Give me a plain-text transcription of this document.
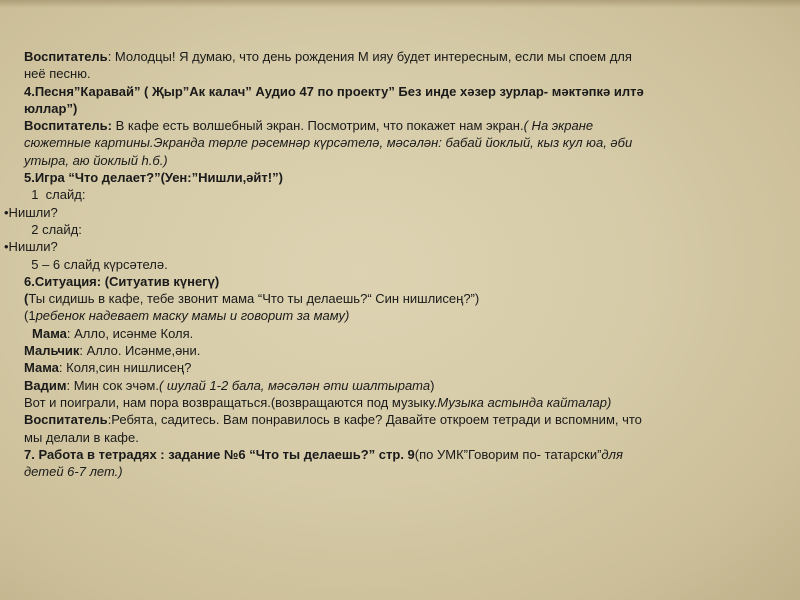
Воспитатель: Молодцы! Я думаю, что день рождения М ияу будет интересным, если мы споем для
неё песню.
4.Песня”Каравай” ( Җыр”Ак калач” Аудио 47 по проекту” Без инде хәзер зурлар- мәктәпкә илтә
юллар”)
Воспитатель: В кафе есть волшебный экран. Посмотрим, что покажет нам экран.( На экране
сюжетные картины.Экранда төрле рәсемнәр күрсәтелә, мәсәлән: бабай йоклый, кыз кул юа, әби
утыра, аю йоклый һ.б.)
5.Игра “Что делает?”(Уен:”Нишли,әйт!”)
1  слайд:
•Нишли?
2 слайд:
•Нишли?
5 – 6 слайд күрсәтелә.
6.Ситуация: (Ситуатив күнегү)
(Ты сидишь в кафе, тебе звонит мама “Что ты делаешь?“ Син нишлисең?”)
(1ребенок надевает маску мамы и говорит за маму)
Мама: Алло, исәнме Коля.
Мальчик: Алло. Исәнме,әни.
Мама: Коля,син нишлисең?
Вадим: Мин сок эчәм.( шулай 1-2 бала, мәсәлән әти шалтырата)
Вот и поиграли, нам пора возвращаться.(возвращаются под музыку.Музыка астында кайталар)
Воспитатель:Ребята, садитесь. Вам понравилось в кафе? Давайте откроем тетради и вспомним, что
мы делали в кафе.
7. Работа в тетрадях : задание №6 “Что ты делаешь?” стр. 9(по УМК”Говорим по- татарски”для
детей 6-7 лет.)
